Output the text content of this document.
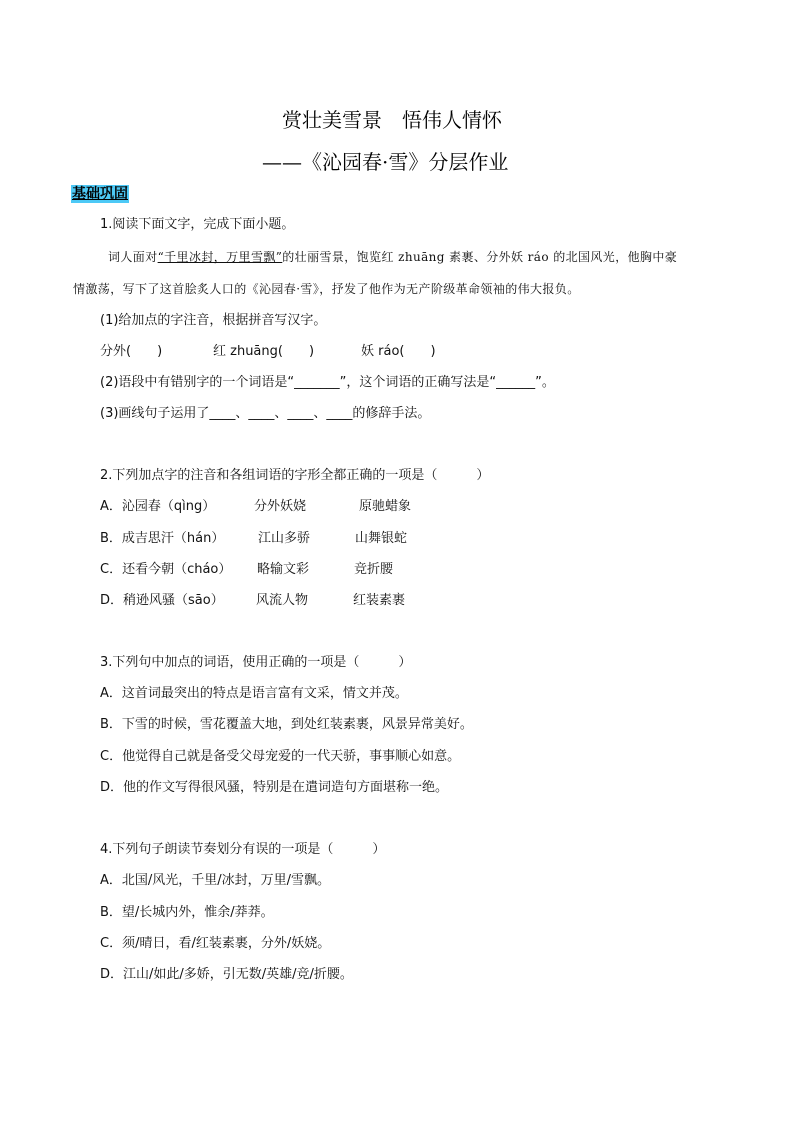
赏壮美雪景　悟伟人情怀
——《沁园春·雪》分层作业
基础巩固
1.阅读下面文字，完成下面小题。
词人面对“千里冰封，万里雪飘”的壮丽雪景，饱览红 zhuāng 素裹、分外妖 ráo 的北国风光，他胸中豪
情激荡，写下了这首脍炙人口的《沁园春·雪》，抒发了他作为无产阶级革命领袖的伟大报负。
(1)给加点的字注音，根据拼音写汉字。
分外(　　)	红 zhuāng(　　)	妖 ráo(　　)
(2)语段中有错别字的一个词语是“_______”，这个词语的正确写法是“______”。
(3)画线句子运用了____、____、____、____的修辞手法。
2.下列加点字的注音和各组词语的字形全都正确的一项是（　　　）
A．沁园春（qìng）	分外妖娆	原驰蜡象
B．成吉思汗（hán）	江山多骄	山舞银蛇
C．还看今朝（cháo） 略输文彩	竞折腰
D．稍逊风骚（sāo） 风流人物	红装素裹
3.下列句中加点的词语，使用正确的一项是（　　　）
A．这首词最突出的特点是语言富有文采，情文并茂。
B．下雪的时候，雪花覆盖大地，到处红装素裹，风景异常美好。
C．他觉得自己就是备受父母宠爱的一代天骄，事事顺心如意。
D．他的作文写得很风骚，特别是在遣词造句方面堪称一绝。
4.下列句子朗读节奏划分有误的一项是（　　　）
A．北国/风光，千里/冰封，万里/雪飘。
B．望/长城内外，惟余/莽莽。
C．须/晴日，看/红装素裹，分外/妖娆。
D．江山/如此/多娇，引无数/英雄/竞/折腰。
